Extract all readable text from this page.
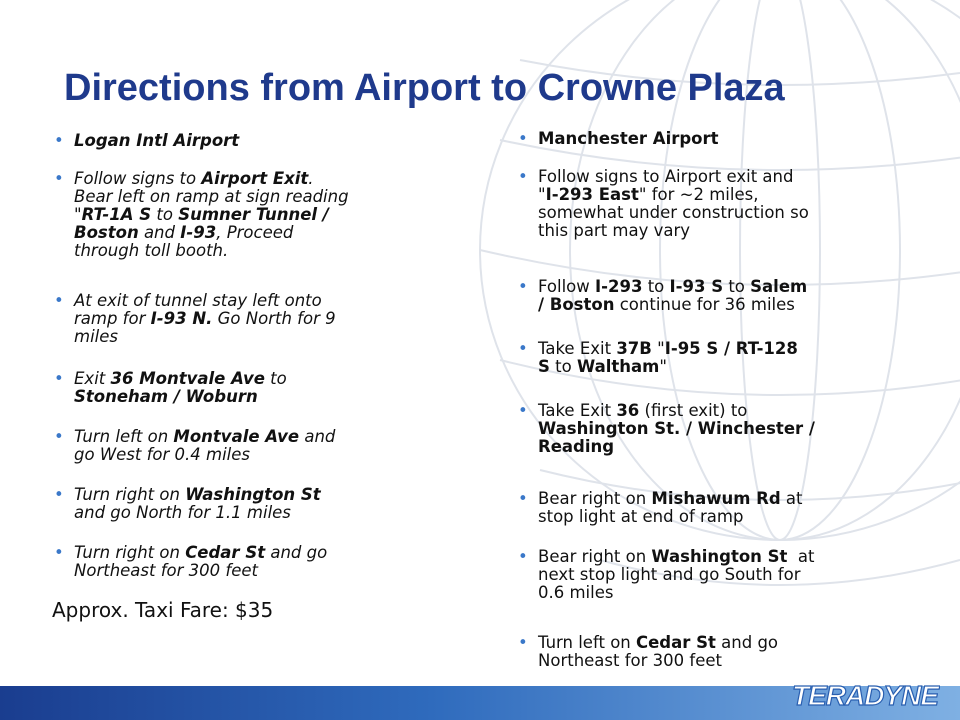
Directions from Airport to Crowne Plaza
• Logan Intl Airport
• Follow signs to Airport Exit.
Bear left on ramp at sign reading
"RT-1A S to Sumner Tunnel /
Boston and I-93, Proceed
through toll booth.
• At exit of tunnel stay left onto
ramp for I-93 N. Go North for 9
miles
• Exit 36 Montvale Ave to
Stoneham / Woburn
• Turn left on Montvale Ave and
go West for 0.4 miles
• Turn right on Washington St
and go North for 1.1 miles
• Turn right on Cedar St and go
Northeast for 300 feet
• Manchester Airport
• Follow signs to Airport exit and
"I-293 East" for ~2 miles,
somewhat under construction so
this part may vary
• Follow I-293 to I-93 S to Salem
/ Boston continue for 36 miles
• Take Exit 37B "I-95 S / RT-128
S to Waltham"
• Take Exit 36 (first exit) to
Washington St. / Winchester /
Reading
• Bear right on Mishawum Rd at
stop light at end of ramp
• Bear right on Washington St  at
next stop light and go South for
0.6 miles
• Turn left on Cedar St and go
Northeast for 300 feet

Approx. Taxi Fare: $35

TERADYNE
